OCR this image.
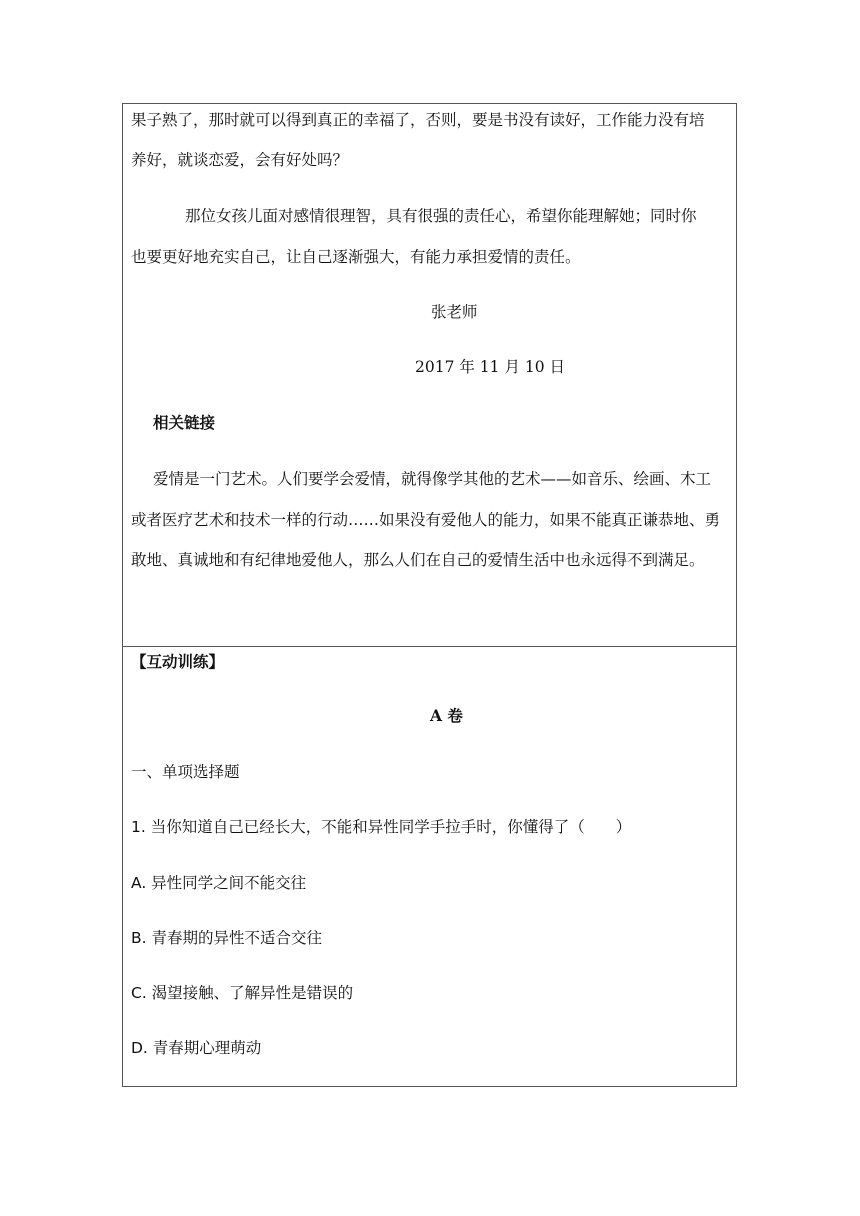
果子熟了，那时就可以得到真正的幸福了，否则，要是书没有读好，工作能力没有培
养好，就谈恋爱，会有好处吗？
那位女孩儿面对感情很理智，具有很强的责任心，希望你能理解她；同时你
也要更好地充实自己，让自己逐渐强大，有能力承担爱情的责任。
张老师
2017 年 11 月 10 日
相关链接
爱情是一门艺术。人们要学会爱情，就得像学其他的艺术——如音乐、绘画、木工
或者医疗艺术和技术一样的行动……如果没有爱他人的能力，如果不能真正谦恭地、勇
敢地、真诚地和有纪律地爱他人，那么人们在自己的爱情生活中也永远得不到满足。
【互动训练】
A 卷
一、单项选择题
1. 当你知道自己已经长大，不能和异性同学手拉手时，你懂得了（　　）
A. 异性同学之间不能交往
B. 青春期的异性不适合交往
C. 渴望接触、了解异性是错误的
D. 青春期心理萌动
